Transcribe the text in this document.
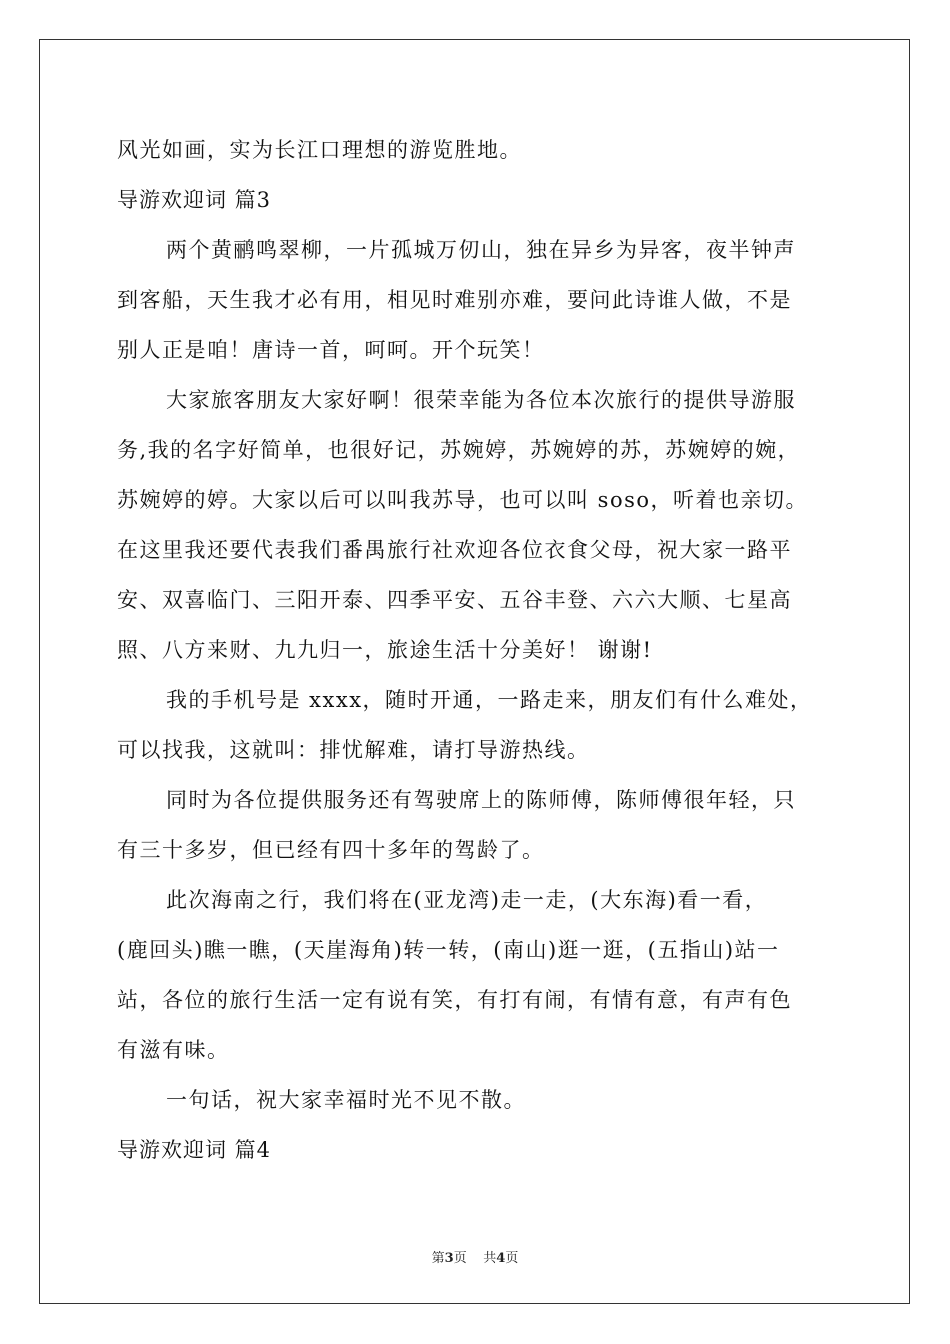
风光如画，实为长江口理想的游览胜地。
导游欢迎词 篇3
两个黄鹂鸣翠柳，一片孤城万仞山，独在异乡为异客，夜半钟声
到客船，天生我才必有用，相见时难别亦难，要问此诗谁人做，不是
别人正是咱！唐诗一首，呵呵。开个玩笑！
大家旅客朋友大家好啊！很荣幸能为各位本次旅行的提供导游服
务,我的名字好简单，也很好记，苏婉婷，苏婉婷的苏，苏婉婷的婉，
苏婉婷的婷。大家以后可以叫我苏导，也可以叫 soso，听着也亲切。
在这里我还要代表我们番禺旅行社欢迎各位衣食父母，祝大家一路平
安、双喜临门、三阳开泰、四季平安、五谷丰登、六六大顺、七星高
照、八方来财、九九归一，旅途生活十分美好！ 谢谢!
我的手机号是 xxxx，随时开通，一路走来，朋友们有什么难处，
可以找我，这就叫：排忧解难，请打导游热线。
同时为各位提供服务还有驾驶席上的陈师傅，陈师傅很年轻，只
有三十多岁，但已经有四十多年的驾龄了。
此次海南之行，我们将在(亚龙湾)走一走，(大东海)看一看，
(鹿回头)瞧一瞧，(天崖海角)转一转，(南山)逛一逛，(五指山)站一
站，各位的旅行生活一定有说有笑，有打有闹，有情有意，有声有色
有滋有味。
一句话，祝大家幸福时光不见不散。
导游欢迎词 篇4
第3页 共4页
